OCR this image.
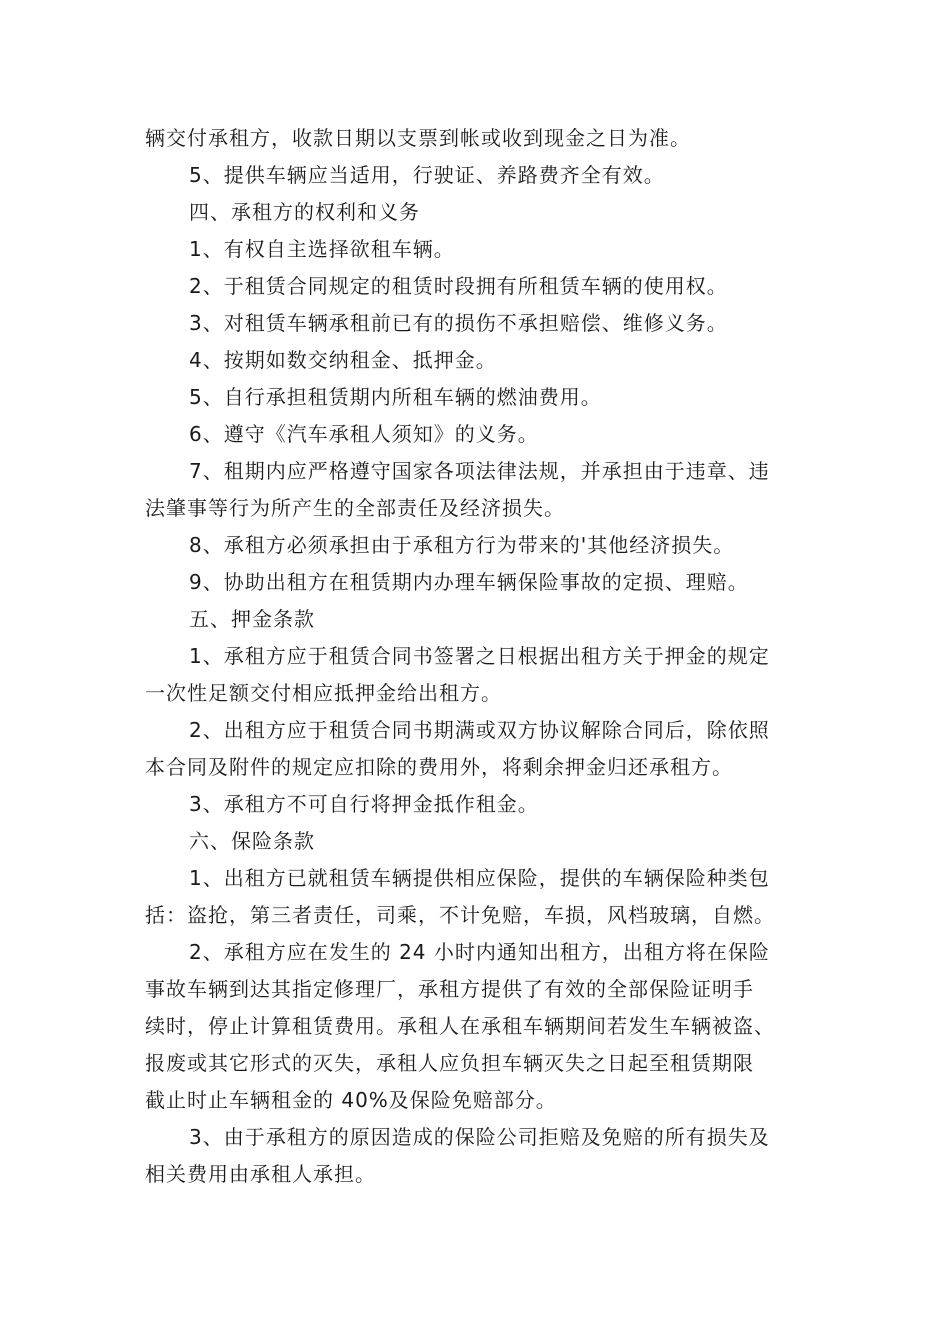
辆交付承租方，收款日期以支票到帐或收到现金之日为准。
5、提供车辆应当适用，行驶证、养路费齐全有效。
四、承租方的权利和义务
1、有权自主选择欲租车辆。
2、于租赁合同规定的租赁时段拥有所租赁车辆的使用权。
3、对租赁车辆承租前已有的损伤不承担赔偿、维修义务。
4、按期如数交纳租金、抵押金。
5、自行承担租赁期内所租车辆的燃油费用。
6、遵守《汽车承租人须知》的义务。
7、租期内应严格遵守国家各项法律法规，并承担由于违章、违
法肇事等行为所产生的全部责任及经济损失。
8、承租方必须承担由于承租方行为带来的'其他经济损失。
9、协助出租方在租赁期内办理车辆保险事故的定损、理赔。
五、押金条款
1、承租方应于租赁合同书签署之日根据出租方关于押金的规定
一次性足额交付相应抵押金给出租方。
2、出租方应于租赁合同书期满或双方协议解除合同后，除依照
本合同及附件的规定应扣除的费用外，将剩余押金归还承租方。
3、承租方不可自行将押金抵作租金。
六、保险条款
1、出租方已就租赁车辆提供相应保险，提供的车辆保险种类包
括：盗抢，第三者责任，司乘，不计免赔，车损，风档玻璃，自燃。
2、承租方应在发生的 24 小时内通知出租方，出租方将在保险
事故车辆到达其指定修理厂，承租方提供了有效的全部保险证明手
续时，停止计算租赁费用。承租人在承租车辆期间若发生车辆被盗、
报废或其它形式的灭失，承租人应负担车辆灭失之日起至租赁期限
截止时止车辆租金的 40%及保险免赔部分。
3、由于承租方的原因造成的保险公司拒赔及免赔的所有损失及
相关费用由承租人承担。
